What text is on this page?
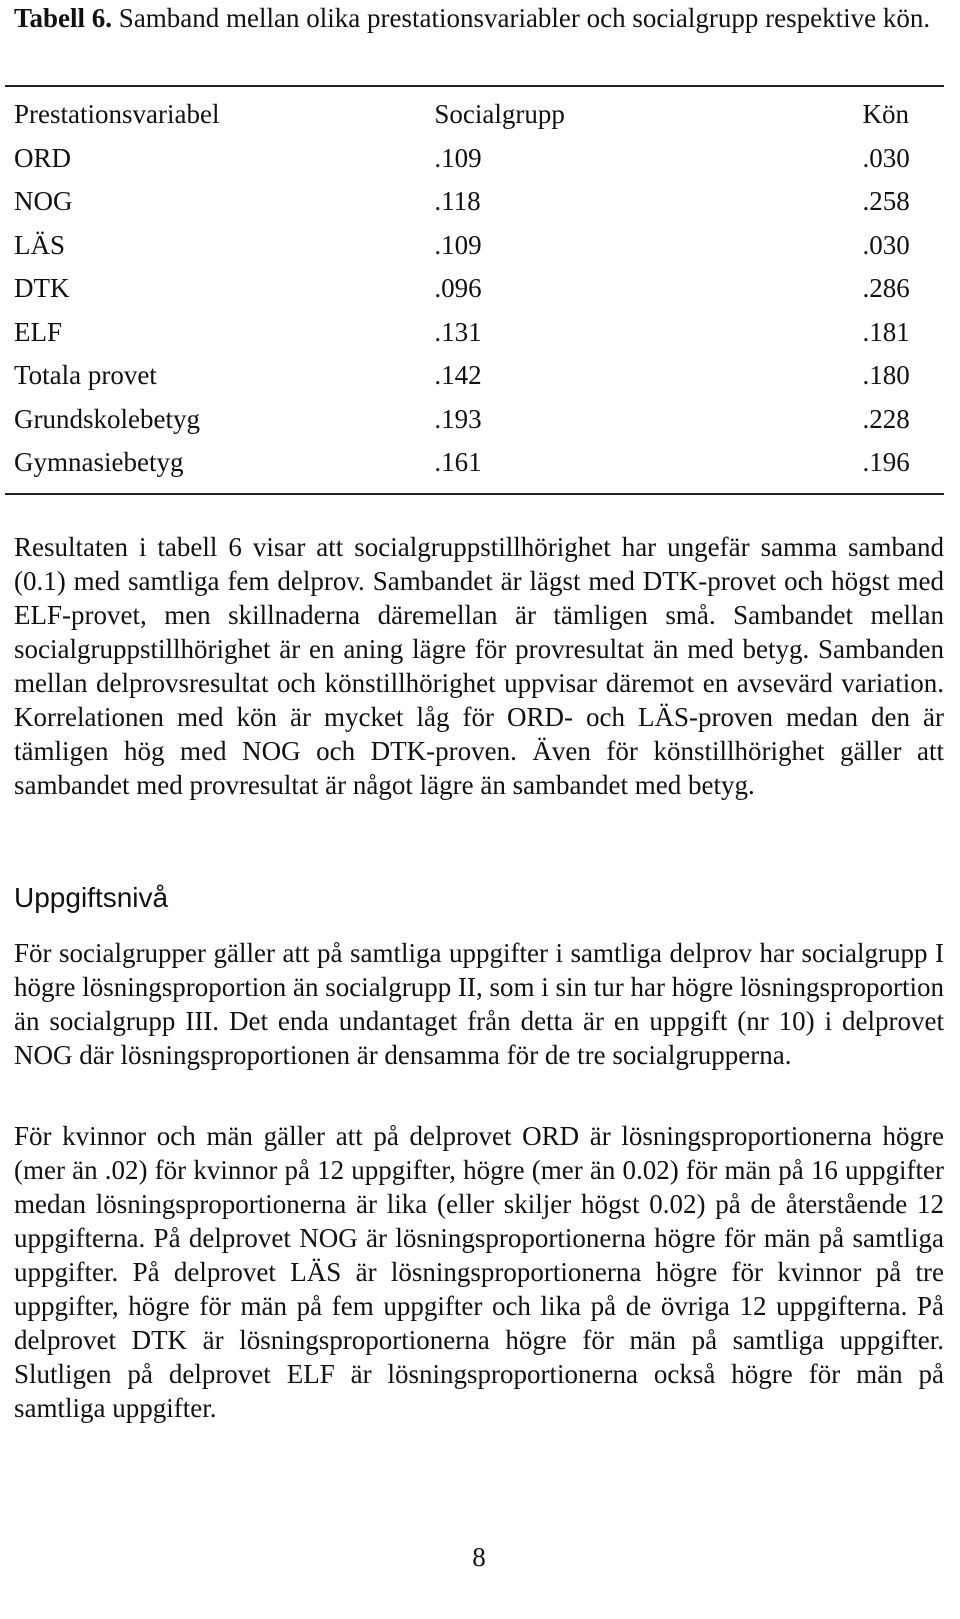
Tabell 6. Samband mellan olika prestationsvariabler och socialgrupp respektive kön.

Prestationsvariabel	Socialgrupp	Kön
ORD	.109	.030
NOG	.118	.258
LÄS	.109	.030
DTK	.096	.286
ELF	.131	.181
Totala provet	.142	.180
Grundskolebetyg	.193	.228
Gymnasiebetyg	.161	.196

Resultaten i tabell 6 visar att socialgruppstillhörighet har ungefär samma samband (0.1) med samtliga fem delprov. Sambandet är lägst med DTK-provet och högst med ELF-provet, men skillnaderna däremellan är tämligen små. Sambandet mellan socialgruppstillhörighet är en aning lägre för provresultat än med betyg. Sambanden mellan delprovsresultat och könstillhörighet uppvisar däremot en avsevärd variation. Korrelationen med kön är mycket låg för ORD- och LÄS-proven medan den är tämligen hög med NOG och DTK-proven. Även för könstillhörighet gäller att sambandet med provresultat är något lägre än sambandet med betyg.

Uppgiftsnivå

För socialgrupper gäller att på samtliga uppgifter i samtliga delprov har socialgrupp I högre lösningsproportion än socialgrupp II, som i sin tur har högre lösningsproportion än socialgrupp III. Det enda undantaget från detta är en uppgift (nr 10) i delprovet NOG där lösningsproportionen är densamma för de tre socialgrupperna.

För kvinnor och män gäller att på delprovet ORD är lösningsproportionerna högre (mer än .02) för kvinnor på 12 uppgifter, högre (mer än 0.02) för män på 16 uppgifter medan lösningsproportionerna är lika (eller skiljer högst 0.02) på de återstående 12 uppgifterna. På delprovet NOG är lösningsproportionerna högre för män på samtliga uppgifter. På delprovet LÄS är lösningsproportionerna högre för kvinnor på tre uppgifter, högre för män på fem uppgifter och lika på de övriga 12 uppgifterna. På delprovet DTK är lösningsproportionerna högre för män på samtliga uppgifter. Slutligen på delprovet ELF är lösningsproportionerna också högre för män på samtliga uppgifter.

8
